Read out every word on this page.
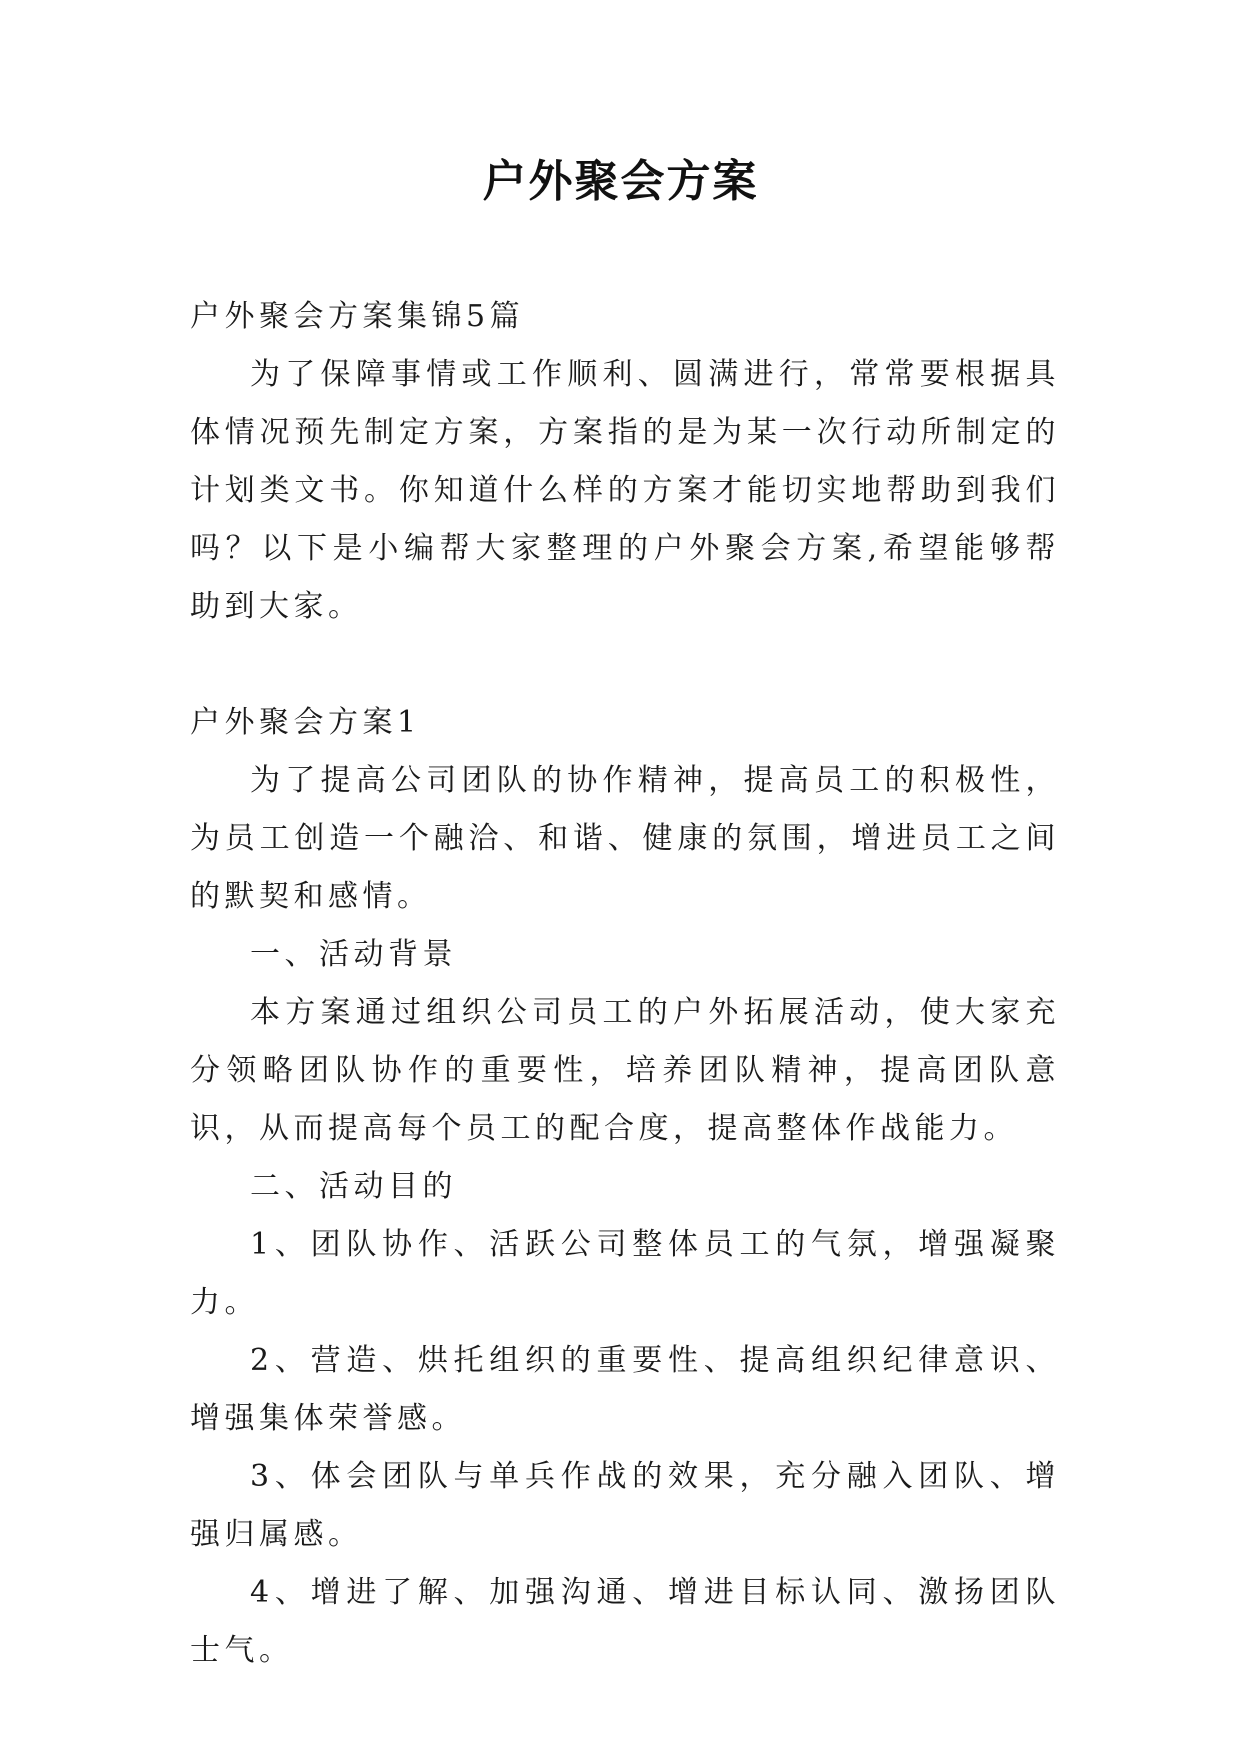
户外聚会方案

户外聚会方案集锦5篇

为了保障事情或工作顺利、圆满进行，常常要根据具体情况预先制定方案，方案指的是为某一次行动所制定的计划类文书。你知道什么样的方案才能切实地帮助到我们吗？以下是小编帮大家整理的户外聚会方案,希望能够帮助到大家。

户外聚会方案1

为了提高公司团队的协作精神，提高员工的积极性，为员工创造一个融洽、和谐、健康的氛围，增进员工之间的默契和感情。

一、活动背景

本方案通过组织公司员工的户外拓展活动，使大家充分领略团队协作的重要性，培养团队精神，提高团队意识，从而提高每个员工的配合度，提高整体作战能力。

二、活动目的

1、团队协作、活跃公司整体员工的气氛，增强凝聚力。

2、营造、烘托组织的重要性、提高组织纪律意识、增强集体荣誉感。

3、体会团队与单兵作战的效果，充分融入团队、增强归属感。

4、增进了解、加强沟通、增进目标认同、激扬团队士气。
